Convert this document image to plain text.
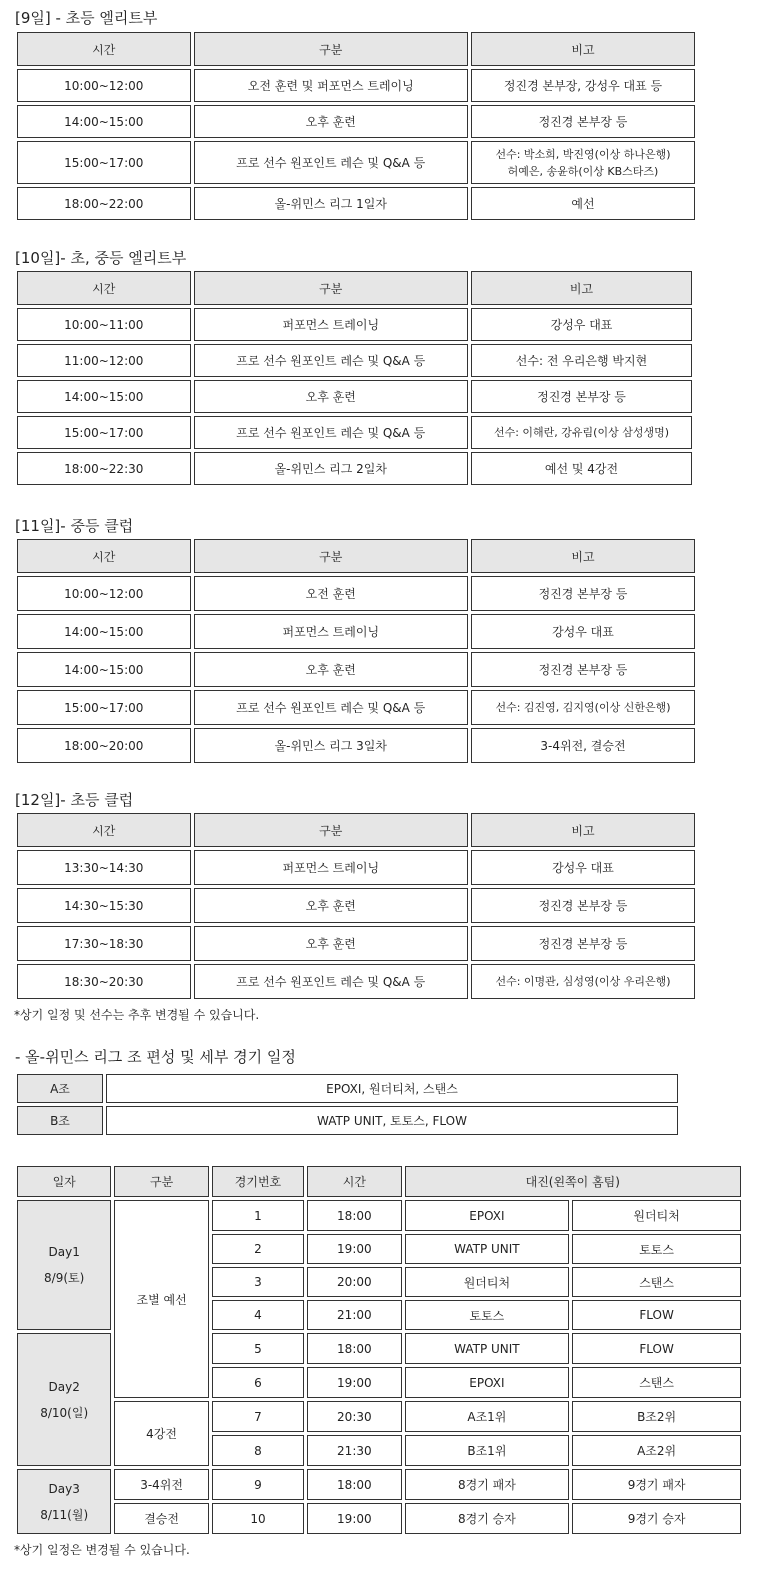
[9일] - 초등 엘리트부
시간	구분	비고
10:00~12:00	오전 훈련 및 퍼포먼스 트레이닝	정진경 본부장, 강성우 대표 등
14:00~15:00	오후 훈련	정진경 본부장 등
15:00~17:00	프로 선수 원포인트 레슨 및 Q&A 등	선수: 박소희, 박진영(이상 하나은행)
허예은, 송윤하(이상 KB스타즈)
18:00~22:00	올-위민스 리그 1일자	예선
[10일]- 초, 중등 엘리트부
시간	구분	비고
10:00~11:00	퍼포먼스 트레이닝	강성우 대표
11:00~12:00	프로 선수 원포인트 레슨 및 Q&A 등	선수: 전 우리은행 박지현
14:00~15:00	오후 훈련	정진경 본부장 등
15:00~17:00	프로 선수 원포인트 레슨 및 Q&A 등	선수: 이해란, 강유림(이상 삼성생명)
18:00~22:30	올-위민스 리그 2일차	예선 및 4강전
[11일]- 중등 클럽
시간	구분	비고
10:00~12:00	오전 훈련	정진경 본부장 등
14:00~15:00	퍼포먼스 트레이닝	강성우 대표
14:00~15:00	오후 훈련	정진경 본부장 등
15:00~17:00	프로 선수 원포인트 레슨 및 Q&A 등	선수: 김진영, 김지영(이상 신한은행)
18:00~20:00	올-위민스 리그 3일차	3-4위전, 결승전
[12일]- 초등 클럽
시간	구분	비고
13:30~14:30	퍼포먼스 트레이닝	강성우 대표
14:30~15:30	오후 훈련	정진경 본부장 등
17:30~18:30	오후 훈련	정진경 본부장 등
18:30~20:30	프로 선수 원포인트 레슨 및 Q&A 등	선수: 이명관, 심성영(이상 우리은행)
*상기 일정 및 선수는 추후 변경될 수 있습니다.
- 올-위민스 리그 조 편성 및 세부 경기 일정
A조	EPOXI, 원더티처, 스탠스
B조	WATP UNIT, 토토스, FLOW
일자	구분	경기번호	시간	대진(왼쪽이 홈팀)	

Day1
8/9(토)	조별 예선	1	18:00	EPOXI	원더티처
		2	19:00	WATP UNIT	토토스
		3	20:00	원더티처	스탠스
		4	21:00	토토스	FLOW

Day2
8/10(일)		5	18:00	WATP UNIT	FLOW
		6	19:00	EPOXI	스탠스
	4강전	7	20:30	A조1위	B조2위
		8	21:30	B조1위	A조2위

Day3
8/11(월)	3-4위전	9	18:00	8경기 패자	9경기 패자
	결승전	10	19:00	8경기 승자	9경기 승자
*상기 일정은 변경될 수 있습니다.
